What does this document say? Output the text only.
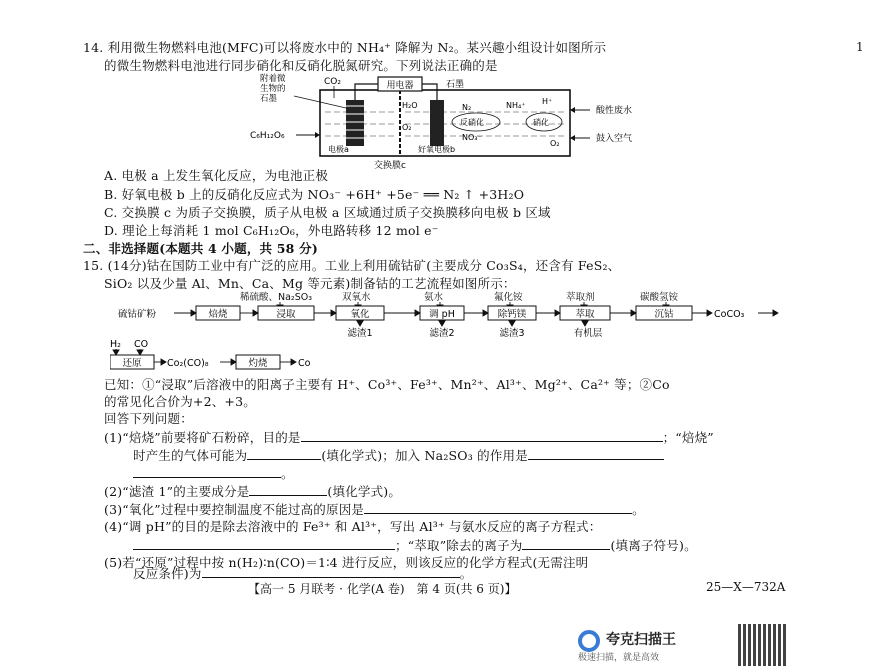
1
14. 利用微生物燃料电池(MFC)可以将废水中的 NH₄⁺ 降解为 N₂。某兴趣小组设计如图所示
的微生物燃料电池进行同步硝化和反硝化脱氮研究。下列说法正确的是
用电器	石墨
附着微
生物的
石墨
CO₂
C₆H₁₂O₆
电极a	好氧电极b
交换膜c
H₂O
O₂
N₂
反硝化
NO₃⁻
NH₄⁺ H⁺
硝化
O₂
酸性废水
鼓入空气
A. 电极 a 上发生氧化反应，为电池正极
B. 好氧电极 b 上的反硝化反应式为 NO₃⁻ +6H⁺ +5e⁻ ══ N₂ ↑ +3H₂O
C. 交换膜 c 为质子交换膜，质子从电极 a 区域通过质子交换膜移向电极 b 区域
D. 理论上每消耗 1 mol C₆H₁₂O₆，外电路转移 12 mol e⁻
二、非选择题(本题共 4 小题，共 58 分)
15. (14分)钴在国防工业中有广泛的应用。工业上利用硫钴矿(主要成分 Co₃S₄，还含有 FeS₂、
SiO₂ 以及少量 Al、Mn、Ca、Mg 等元素)制备钴的工艺流程如图所示：
稀硫酸、Na₂SO₃	双氧水	氨水	氟化铵	萃取剂	碳酸氢铵
硫钴矿粉	焙烧	浸取	氧化	调 pH	除钙镁	萃取	沉钴	CoCO₃
滤渣1	滤渣2	滤渣3	有机层
H₂ CO
还原	Co₂(CO)₈	灼烧	Co
已知：①“浸取”后溶液中的阳离子主要有 H⁺、Co³⁺、Fe³⁺、Mn²⁺、Al³⁺、Mg²⁺、Ca²⁺ 等；②Co
的常见化合价为+2、+3。
回答下列问题：
(1)“焙烧”前要将矿石粉碎，目的是	；“焙烧”
时产生的气体可能为	(填化学式)；加入 Na₂SO₃ 的作用是
。
(2)“滤渣 1”的主要成分是	(填化学式)。
(3)“氧化”过程中要控制温度不能过高的原因是	。
(4)“调 pH”的目的是除去溶液中的 Fe³⁺ 和 Al³⁺，写出 Al³⁺ 与氨水反应的离子方程式：
；“萃取”除去的离子为	(填离子符号)。
(5)若“还原”过程中按 n(H₂)∶n(CO)＝1∶4 进行反应，则该反应的化学方程式(无需注明
反应条件)为	。
【高一 5 月联考 · 化学(A 卷)　第 4 页(共 6 页)】	25—X—732A
夸克扫描王
极速扫描，就是高效
